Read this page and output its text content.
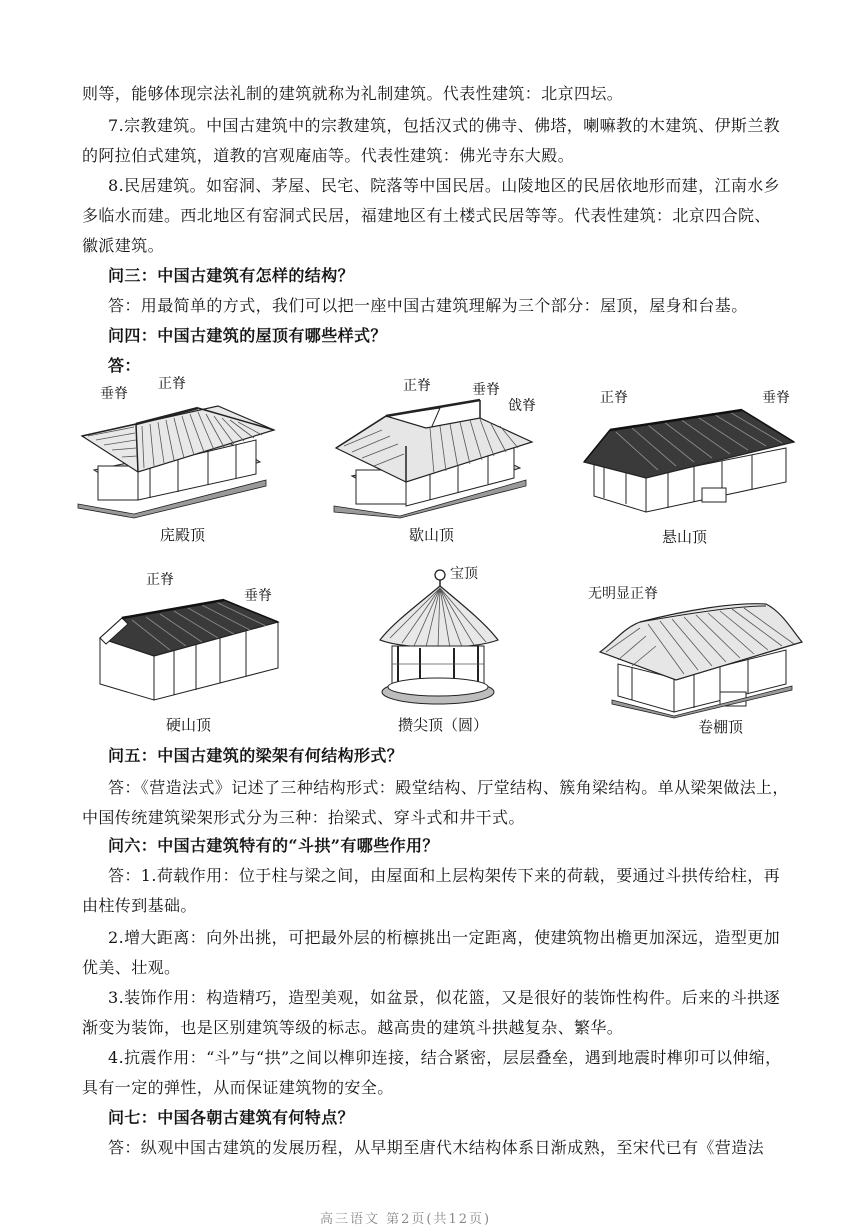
则等，能够体现宗法礼制的建筑就称为礼制建筑。代表性建筑：北京四坛。
7.宗教建筑。中国古建筑中的宗教建筑，包括汉式的佛寺、佛塔，喇嘛教的木建筑、伊斯兰教
的阿拉伯式建筑，道教的宫观庵庙等。代表性建筑：佛光寺东大殿。
8.民居建筑。如窑洞、茅屋、民宅、院落等中国民居。山陵地区的民居依地形而建，江南水乡
多临水而建。西北地区有窑洞式民居，福建地区有土楼式民居等等。代表性建筑：北京四合院、
徽派建筑。
问三：中国古建筑有怎样的结构？
答：用最简单的方式，我们可以把一座中国古建筑理解为三个部分：屋顶，屋身和台基。
问四：中国古建筑的屋顶有哪些样式？
答：
垂脊
正脊
庑殿顶
正脊	垂脊
戗脊
歇山顶
正脊	垂脊
悬山顶
正脊
垂脊
硬山顶
宝顶
攒尖顶（圆）
无明显正脊
卷棚顶
问五：中国古建筑的梁架有何结构形式？
答：《营造法式》记述了三种结构形式：殿堂结构、厅堂结构、簇角梁结构。单从梁架做法上，
中国传统建筑梁架形式分为三种：抬梁式、穿斗式和井干式。
问六：中国古建筑特有的“斗拱”有哪些作用？
答：1.荷载作用：位于柱与梁之间，由屋面和上层构架传下来的荷载，要通过斗拱传给柱，再
由柱传到基础。
2.增大距离：向外出挑，可把最外层的桁檩挑出一定距离，使建筑物出檐更加深远，造型更加
优美、壮观。
3.装饰作用：构造精巧，造型美观，如盆景，似花篮，又是很好的装饰性构件。后来的斗拱逐
渐变为装饰，也是区别建筑等级的标志。越高贵的建筑斗拱越复杂、繁华。
4.抗震作用：“斗”与“拱”之间以榫卯连接，结合紧密，层层叠垒，遇到地震时榫卯可以伸缩，
具有一定的弹性，从而保证建筑物的安全。
问七：中国各朝古建筑有何特点？
答：纵观中国古建筑的发展历程，从早期至唐代木结构体系日渐成熟，至宋代已有《营造法
高三语文 第2页(共12页)
